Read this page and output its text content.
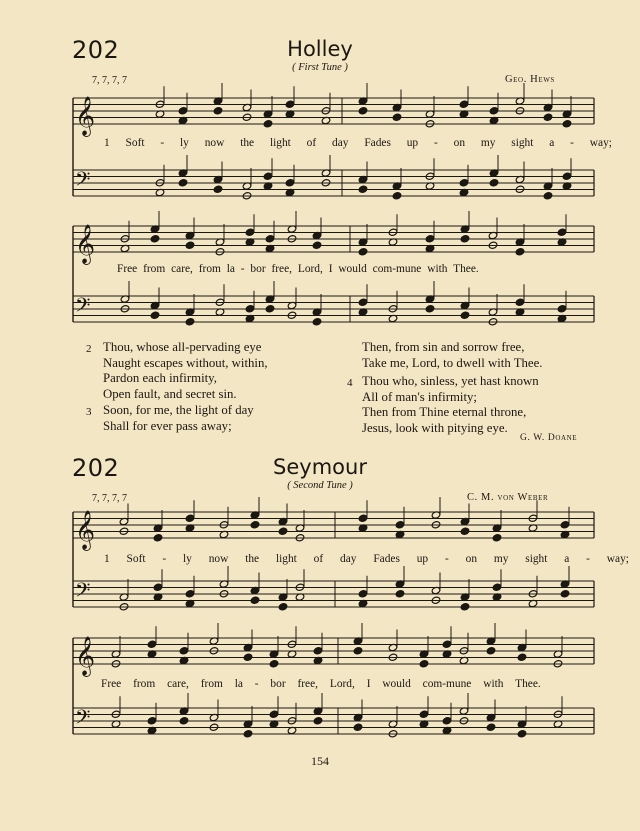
202	Holley
( First Tune )
7, 7, 7, 7	Geo. Hews
1 Soft - ly now the light of day Fades up - on my sight a - way;
Free from care, from la - bor free, Lord, I would com-mune with Thee.
2 Thou, whose all-pervading eye
Naught escapes without, within,
Pardon each infirmity,
Open fault, and secret sin.
3 Soon, for me, the light of day
Shall for ever pass away;
Then, from sin and sorrow free,
Take me, Lord, to dwell with Thee.
4 Thou who, sinless, yet hast known
All of man's infirmity;
Then from Thine eternal throne,
Jesus, look with pitying eye.
G. W. Doane
202	Seymour
( Second Tune )
7, 7, 7, 7	C. M. von Weber
1 Soft - ly now the light of day Fades up - on my sight a - way;
Free from care, from la - bor free, Lord, I would com-mune with Thee.
154
𝄞
𝄢
𝄞
𝄢
𝄞
𝄢
𝄞
𝄢
